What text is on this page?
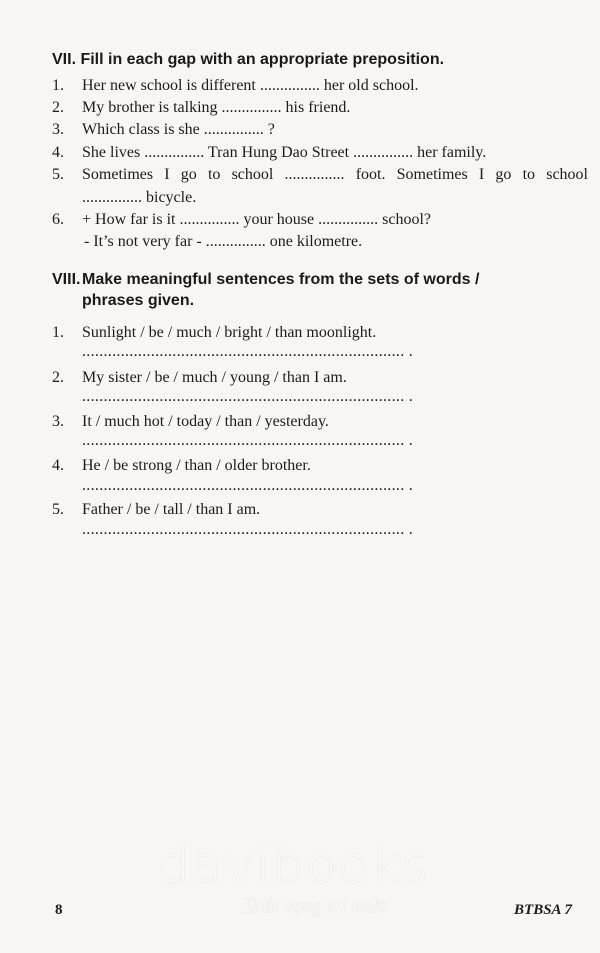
VII. Fill in each gap with an appropriate preposition.
1. Her new school is different ............... her old school.
2. My brother is talking ............... his friend.
3. Which class is she ............... ?
4. She lives ............... Tran Hung Dao Street ............... her family.
5. Sometimes I go to school ............... foot. Sometimes I go to school
............... bicycle.
6. + How far is it ............... your house ............... school?
- It’s not very far - ............... one kilometre.
VIII.Make meaningful sentences from the sets of words /
phrases given.
1. Sunlight / be / much / bright / than moonlight.
........................................................................... .
2. My sister / be / much / young / than I am.
........................................................................... .
3. It / much hot / today / than / yesterday.
........................................................................... .
4. He / be strong / than / older brother.
........................................................................... .
5. Father / be / tall / than I am.
........................................................................... .
davibooks
Khát vọng tri thức
8	BTBSA 7
